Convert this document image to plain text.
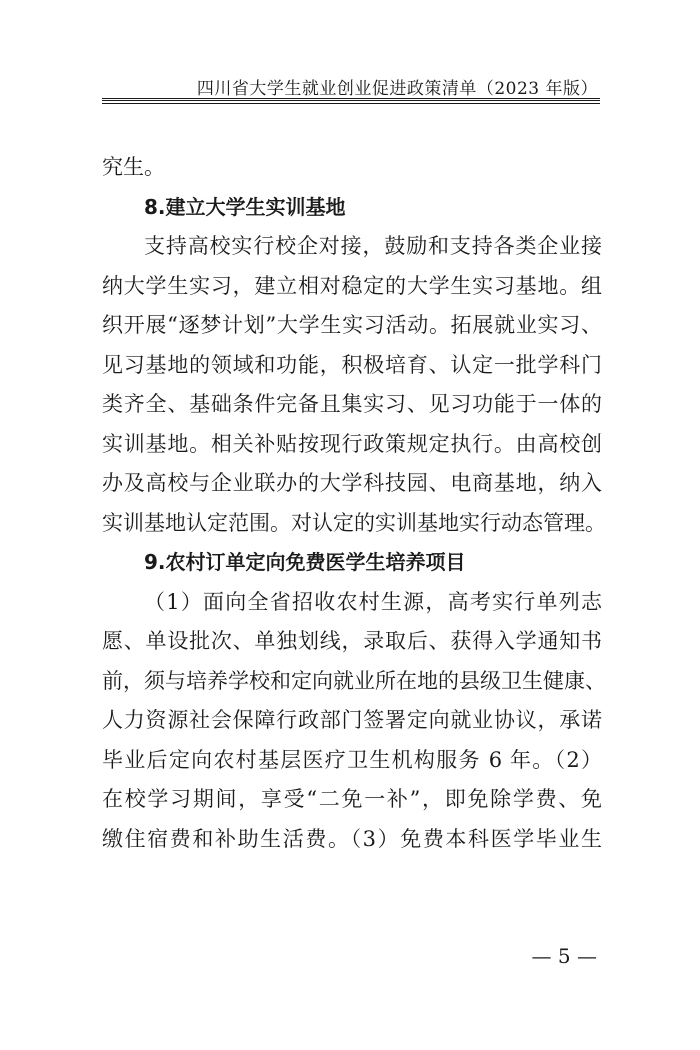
四川省大学生就业创业促进政策清单（2023 年版）
究生。
8.建立大学生实训基地
支持高校实行校企对接，鼓励和支持各类企业接
纳大学生实习，建立相对稳定的大学生实习基地。组
织开展“逐梦计划”大学生实习活动。拓展就业实习、
见习基地的领域和功能，积极培育、认定一批学科门
类齐全、基础条件完备且集实习、见习功能于一体的
实训基地。相关补贴按现行政策规定执行。由高校创
办及高校与企业联办的大学科技园、电商基地，纳入
实训基地认定范围。对认定的实训基地实行动态管理。
9.农村订单定向免费医学生培养项目
（1）面向全省招收农村生源，高考实行单列志
愿、单设批次、单独划线，录取后、获得入学通知书
前，须与培养学校和定向就业所在地的县级卫生健康、
人力资源社会保障行政部门签署定向就业协议，承诺
毕业后定向农村基层医疗卫生机构服务 6 年。（2）
在校学习期间，享受“二免一补”，即免除学费、免
缴住宿费和补助生活费。（3）免费本科医学毕业生
— 5 —
